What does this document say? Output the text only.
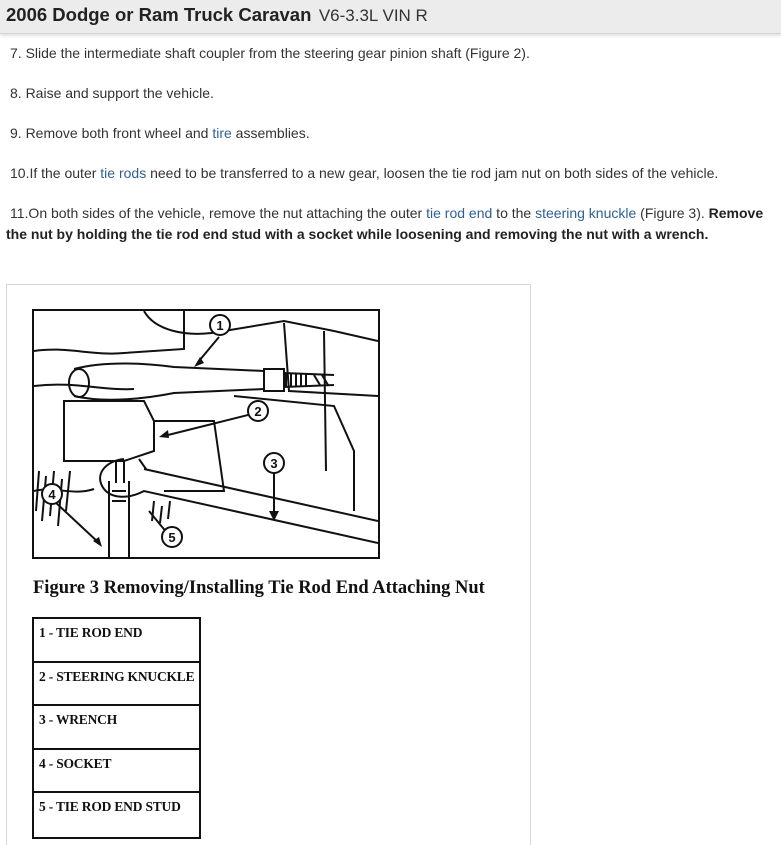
2006 Dodge or Ram Truck Caravan V6-3.3L VIN R

7. Slide the intermediate shaft coupler from the steering gear pinion shaft (Figure 2).

8. Raise and support the vehicle.

9. Remove both front wheel and tire assemblies.

10.If the outer tie rods need to be transferred to a new gear, loosen the tie rod jam nut on both sides of the vehicle.

11.On both sides of the vehicle, remove the nut attaching the outer tie rod end to the steering knuckle (Figure 3). Remove the nut by holding the tie rod end stud with a socket while loosening and removing the nut with a wrench.

1
2
3
4
5
Figure 3 Removing/Installing Tie Rod End Attaching Nut
1 - TIE ROD END
2 - STEERING KNUCKLE
3 - WRENCH
4 - SOCKET
5 - TIE ROD END STUD
